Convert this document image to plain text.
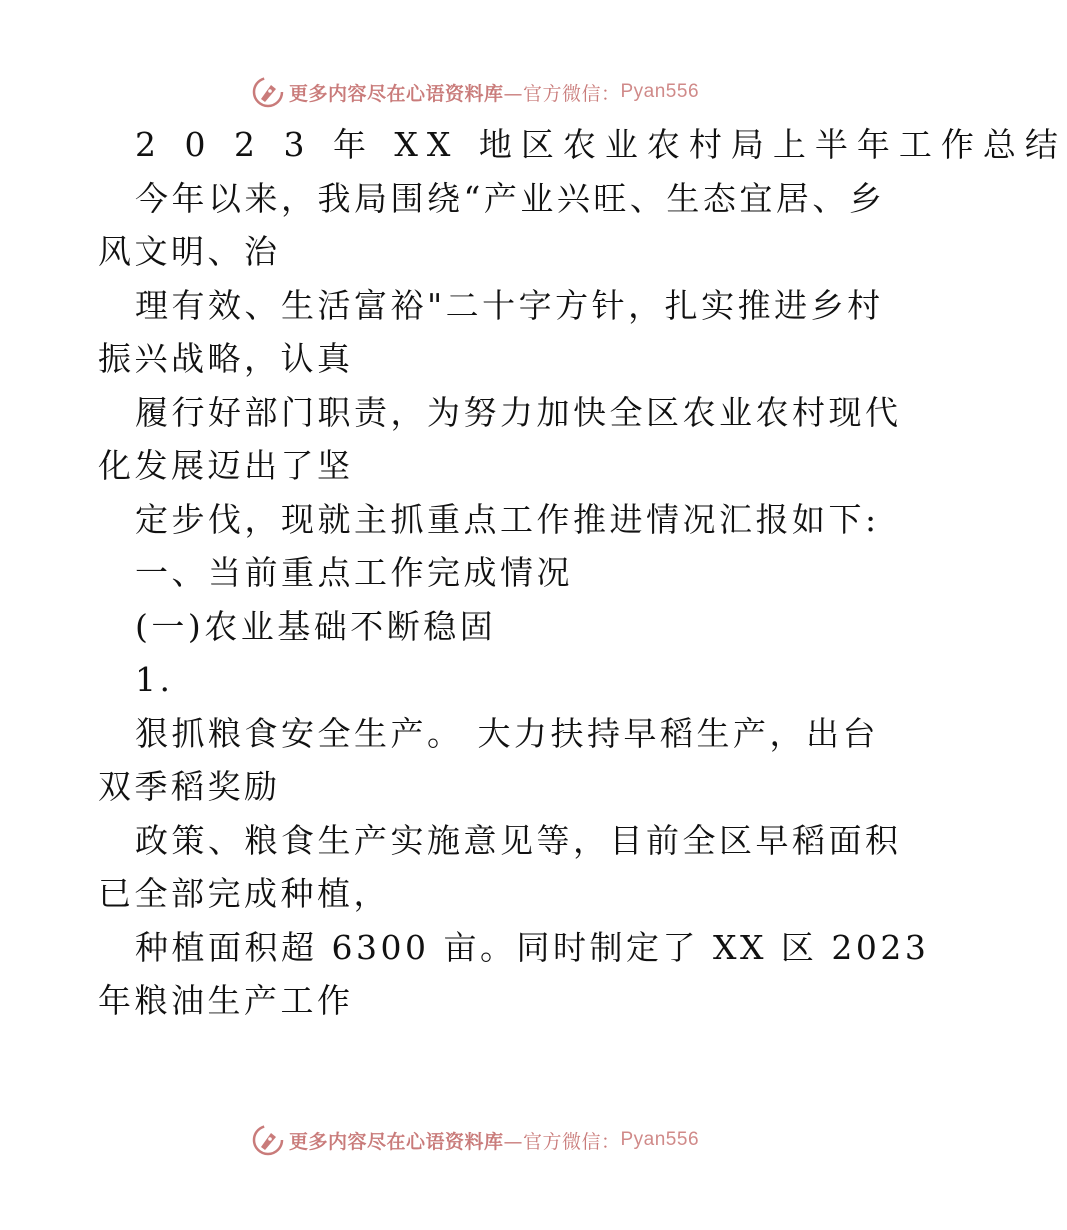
更多内容尽在心语资料库 —官方微信： Pyan556
2 0 2 3 年 XX 地区农业农村局上半年工作总结
今年以来，我局围绕“产业兴旺、生态宜居、乡
风文明、治
理有效、生活富裕"二十字方针，扎实推进乡村
振兴战略，认真
履行好部门职责，为努力加快全区农业农村现代
化发展迈出了坚
定步伐，现就主抓重点工作推进情况汇报如下:
一、当前重点工作完成情况
(一)农业基础不断稳固
1.
狠抓粮食安全生产。 大力扶持早稻生产，出台
双季稻奖励
政策、粮食生产实施意见等，目前全区早稻面积
已全部完成种植，
种植面积超 6300 亩。同时制定了 XX 区 2023
年粮油生产工作
更多内容尽在心语资料库 —官方微信： Pyan556
